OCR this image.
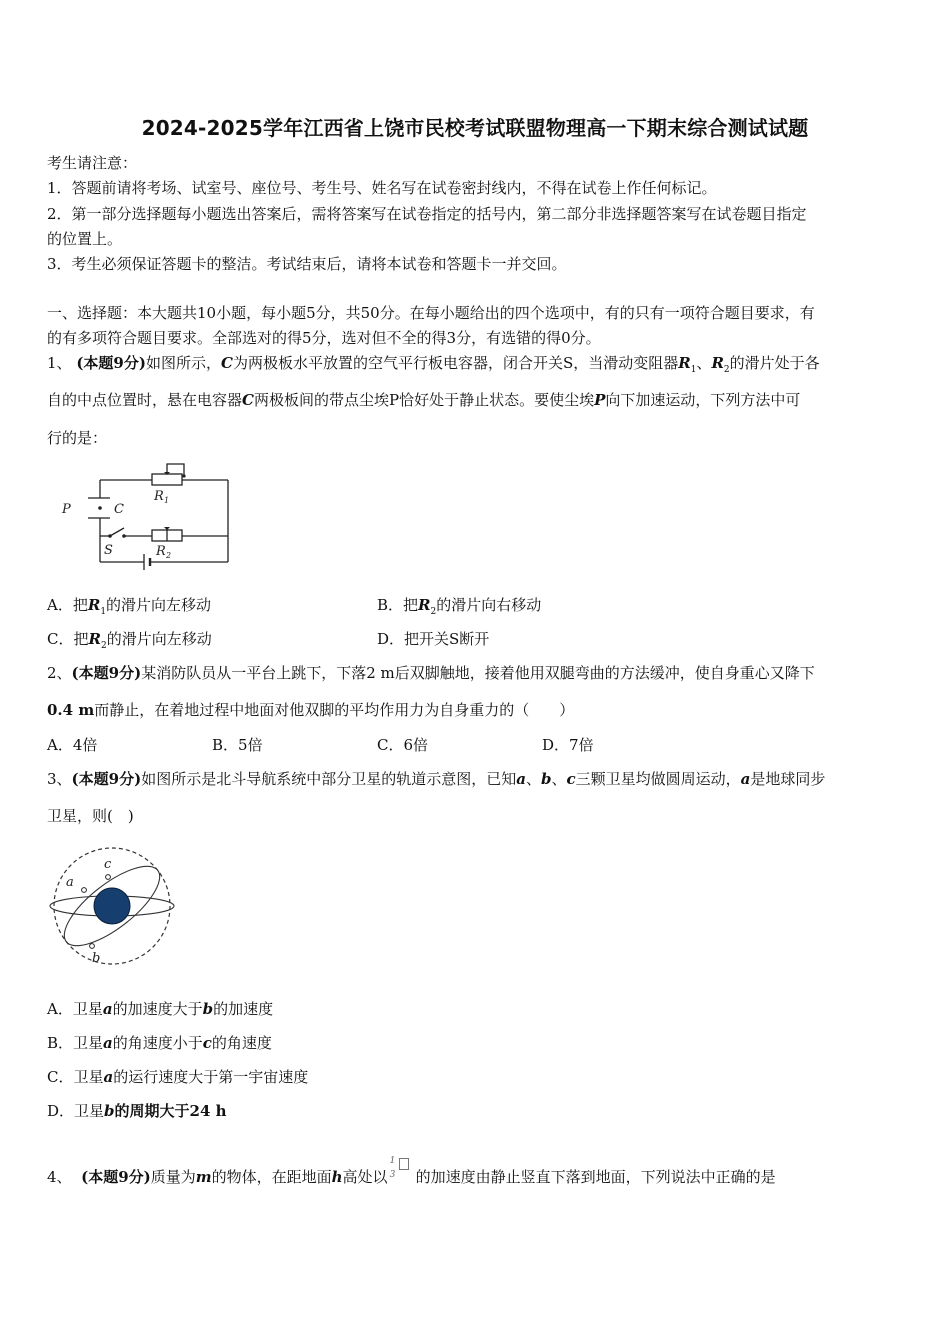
2024-2025学年江西省上饶市民校考试联盟物理高一下期末综合测试试题
考生请注意：
1．答题前请将考场、试室号、座位号、考生号、姓名写在试卷密封线内，不得在试卷上作任何标记。
2．第一部分选择题每小题选出答案后，需将答案写在试卷指定的括号内，第二部分非选择题答案写在试卷题目指定
的位置上。
3．考生必须保证答题卡的整洁。考试结束后，请将本试卷和答题卡一并交回。
一、选择题：本大题共10小题，每小题5分，共50分。在每小题给出的四个选项中，有的只有一项符合题目要求，有
的有多项符合题目要求。全部选对的得5分，选对但不全的得3分，有选错的得0分。
1、 (本题9分)如图所示，C为两极板水平放置的空气平行板电容器，闭合开关S，当滑动变阻器$R_1$、$R_2$的滑片处于各
自的中点位置时，悬在电容器C两极板间的带点尘埃P恰好处于静止状态。要使尘埃P向下加速运动，下列方法中可
行的是：
P	C
S
R 1
R 2
A．把$R_1$的滑片向左移动	B．把$R_2$的滑片向右移动
C．把$R_2$的滑片向左移动	D．把开关S断开
2、(本题9分)某消防队员从一平台上跳下，下落2 m后双脚触地，接着他用双腿弯曲的方法缓冲，使自身重心又降下
0.4 m而静止，在着地过程中地面对他双脚的平均作用力为自身重力的（　　）
A．4倍	B．5倍	C．6倍	D．7倍
3、(本题9分)如图所示是北斗导航系统中部分卫星的轨道示意图，已知a、b、c三颗卫星均做圆周运动，a是地球同步
卫星，则(　)
a
b
c
A．卫星a的加速度大于b的加速度
B．卫星a的角速度小于c的角速度
C．卫星a的运行速度大于第一宇宙速度
D．卫星b的周期大于24 h
4、 (本题9分)质量为m的物体，在距地面h高处以
1
3 的加速度由静止竖直下落到地面，下列说法中正确的是
